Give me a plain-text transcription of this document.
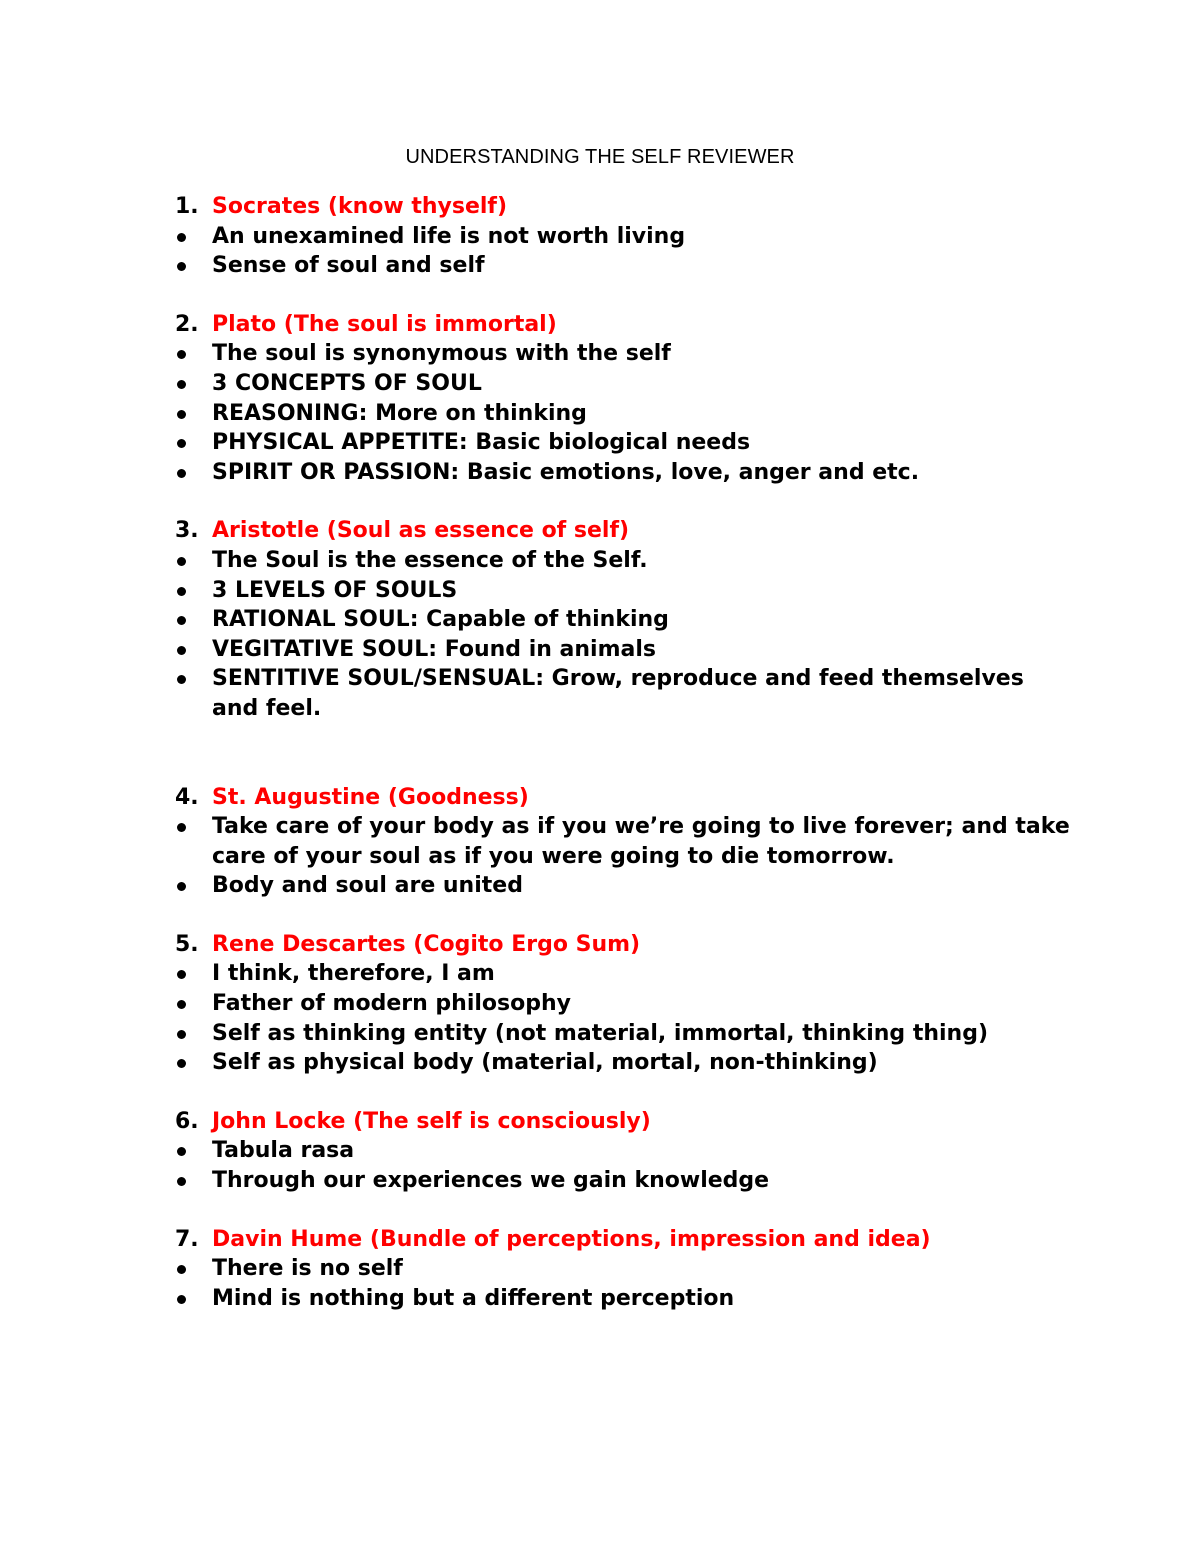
UNDERSTANDING THE SELF REVIEWER
1. Socrates (know thyself)
An unexamined life is not worth living
Sense of soul and self
2. Plato (The soul is immortal)
The soul is synonymous with the self
3 CONCEPTS OF SOUL
REASONING: More on thinking
PHYSICAL APPETITE: Basic biological needs
SPIRIT OR PASSION: Basic emotions, love, anger and etc.
3. Aristotle (Soul as essence of self)
The Soul is the essence of the Self.
3 LEVELS OF SOULS
RATIONAL SOUL: Capable of thinking
VEGITATIVE SOUL: Found in animals
SENTITIVE SOUL/SENSUAL: Grow, reproduce and feed themselves and feel.
4. St. Augustine (Goodness)
Take care of your body as if you we’re going to live forever; and take care of your soul as if you were going to die tomorrow.
Body and soul are united
5. Rene Descartes (Cogito Ergo Sum)
I think, therefore, I am
Father of modern philosophy
Self as thinking entity (not material, immortal, thinking thing)
Self as physical body (material, mortal, non-thinking)
6. John Locke (The self is consciously)
Tabula rasa
Through our experiences we gain knowledge
7. Davin Hume (Bundle of perceptions, impression and idea)
There is no self
Mind is nothing but a different perception
